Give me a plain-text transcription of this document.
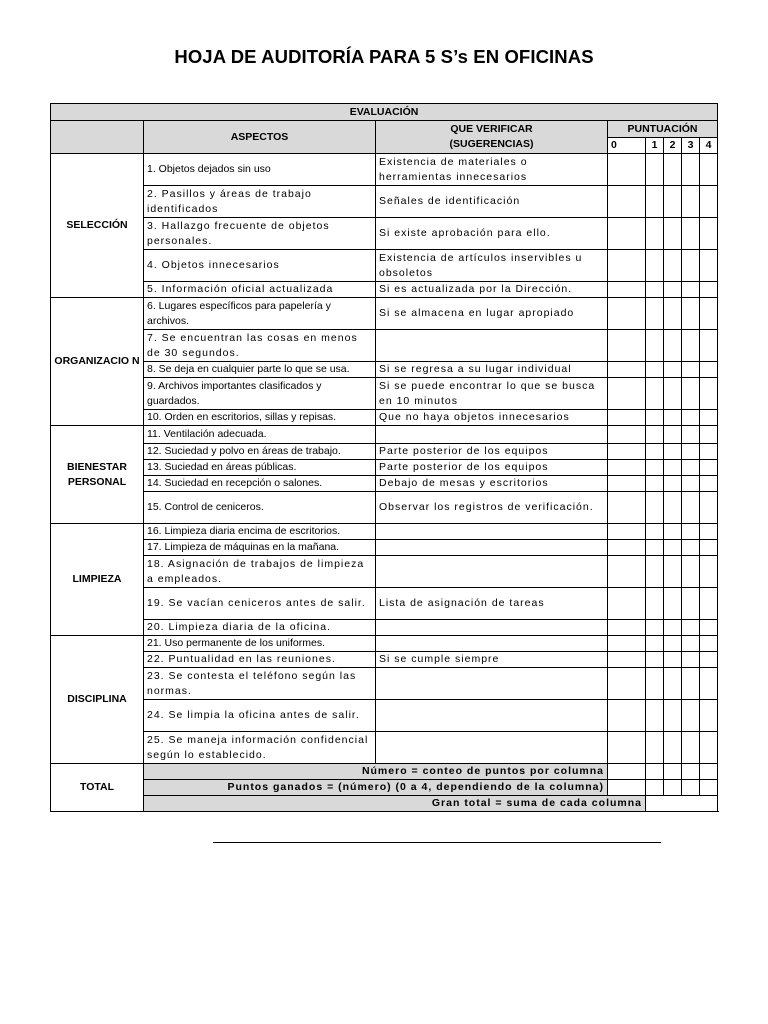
HOJA DE AUDITORÍA PARA 5 S’s EN OFICINAS
EVALUACIÓN							
	ASPECTOS	QUE VERIFICAR
(SUGERENCIAS)	PUNTUACIÓN				
			0	1	2	3	4
SELECCIÓN	1. Objetos dejados sin uso	Existencia de materiales o herramientas innecesarios					
	2. Pasillos y áreas de trabajo identificados	Señales de identificación					
	3. Hallazgo frecuente de objetos personales.	Si existe aprobación para ello.					
	4. Objetos innecesarios	Existencia de artículos inservibles u obsoletos					
	5. Información oficial actualizada	Si es actualizada por la Dirección.					
ORGANIZACIO N	6. Lugares específicos para papelería y archivos.	Si se almacena en lugar apropiado					
	7. Se encuentran las cosas en menos de 30 segundos.						
	8. Se deja en cualquier parte lo que se usa.	Si se regresa a su lugar individual					
	9. Archivos importantes clasificados y guardados.	Si se puede encontrar lo que se busca en 10 minutos					
	10. Orden en escritorios, sillas y repisas.	Que no haya objetos innecesarios					
BIENESTAR PERSONAL	11. Ventilación adecuada.						
	12. Suciedad y polvo en áreas de trabajo.	Parte posterior de los equipos					
	13. Suciedad en áreas públicas.	Parte posterior de los equipos					
	14. Suciedad en recepción o salones.	Debajo de mesas y escritorios					
	15. Control de ceniceros.	Observar los registros de verificación.					
LIMPIEZA	16. Limpieza diaria encima de escritorios.						
	17. Limpieza de máquinas en la mañana.						
	18. Asignación de trabajos de limpieza a empleados.						
	19. Se vacían ceniceros antes de salir.	Lista de asignación de tareas					
	20. Limpieza diaria de la oficina.						
DISCIPLINA	21. Uso permanente de los uniformes.						
	22. Puntualidad en las reuniones.	Si se cumple siempre					
	23. Se contesta el teléfono según las normas.						
	24. Se limpia la oficina antes de salir.						
	25. Se maneja información confidencial según lo establecido.						
TOTAL	Número = conteo de puntos por columna						
	Puntos ganados = (número) (0 a 4, dependiendo de la columna)						
	Gran total = suma de cada columna						
